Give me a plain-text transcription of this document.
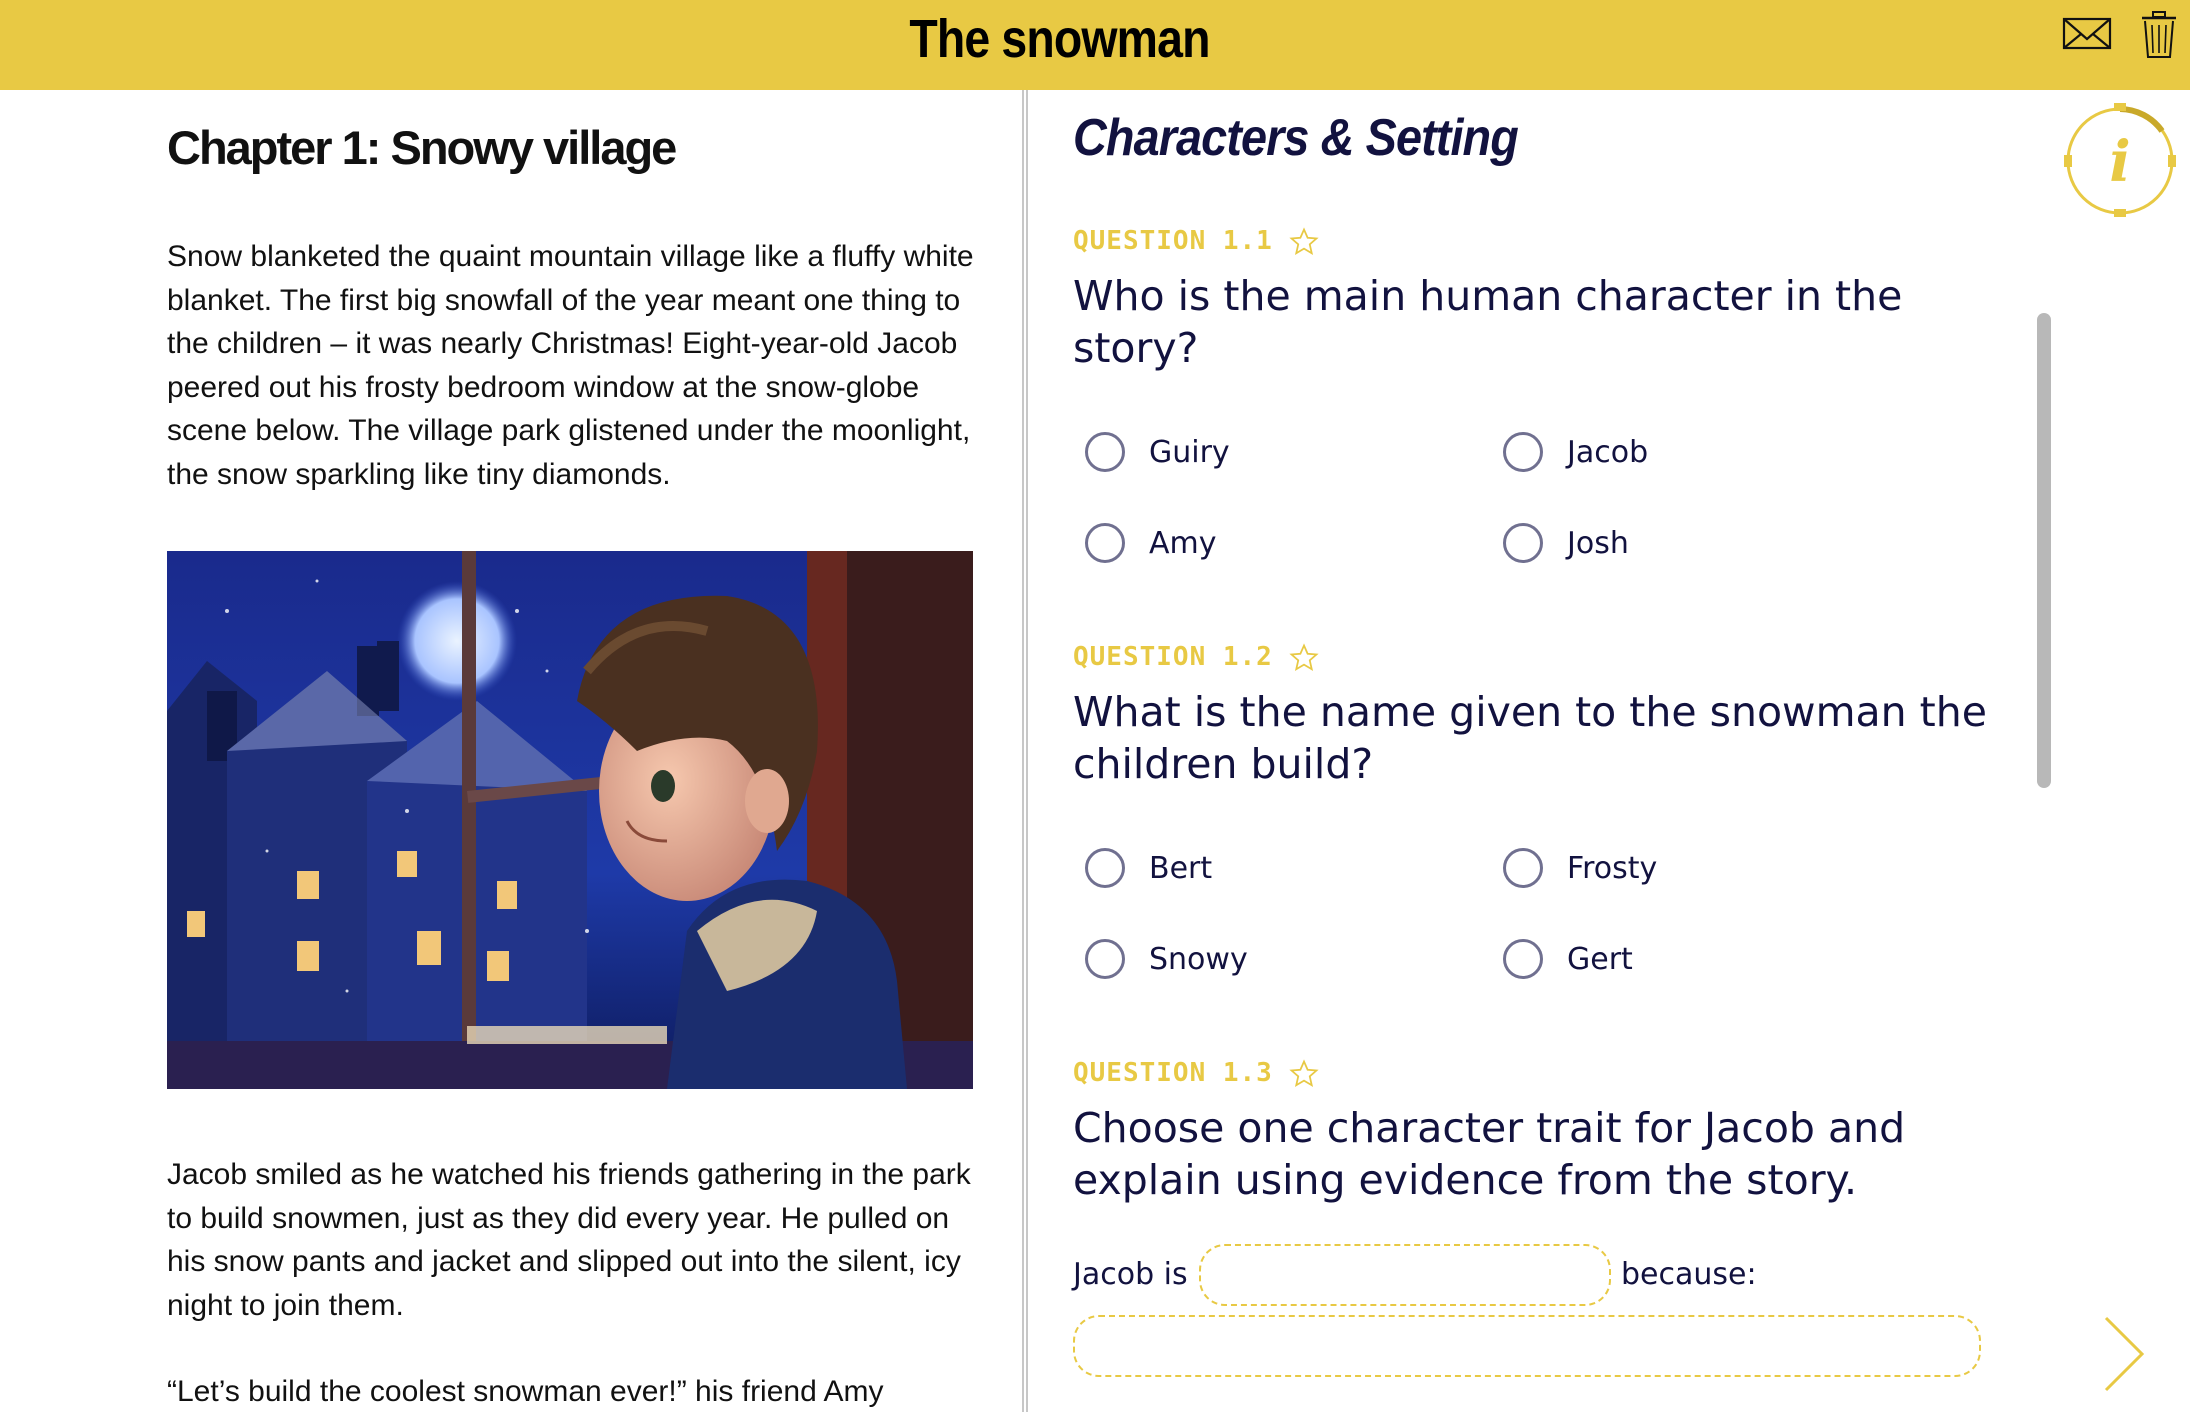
The snowman
Chapter 1: Snowy village

Snow blanketed the quaint mountain village like a fluffy white blanket. The first big snowfall of the year meant one thing to the children – it was nearly Christmas! Eight-year-old Jacob peered out his frosty bedroom window at the snow-globe scene below. The village park glistened under the moonlight, the snow sparkling like tiny diamonds.

Jacob smiled as he watched his friends gathering in the park to build snowmen, just as they did every year. He pulled on his snow pants and jacket and slipped out into the silent, icy night to join them.

“Let’s build the coolest snowman ever!” his friend Amy

Characters & Setting
QUESTION 1.1
Who is the main human character in the story?
Guiry	Jacob
Amy	Josh
QUESTION 1.2
What is the name given to the snowman the children build?
Bert	Frosty
Snowy	Gert
QUESTION 1.3
Choose one character trait for Jacob and explain using evidence from the story.
Jacob is	because:
i
